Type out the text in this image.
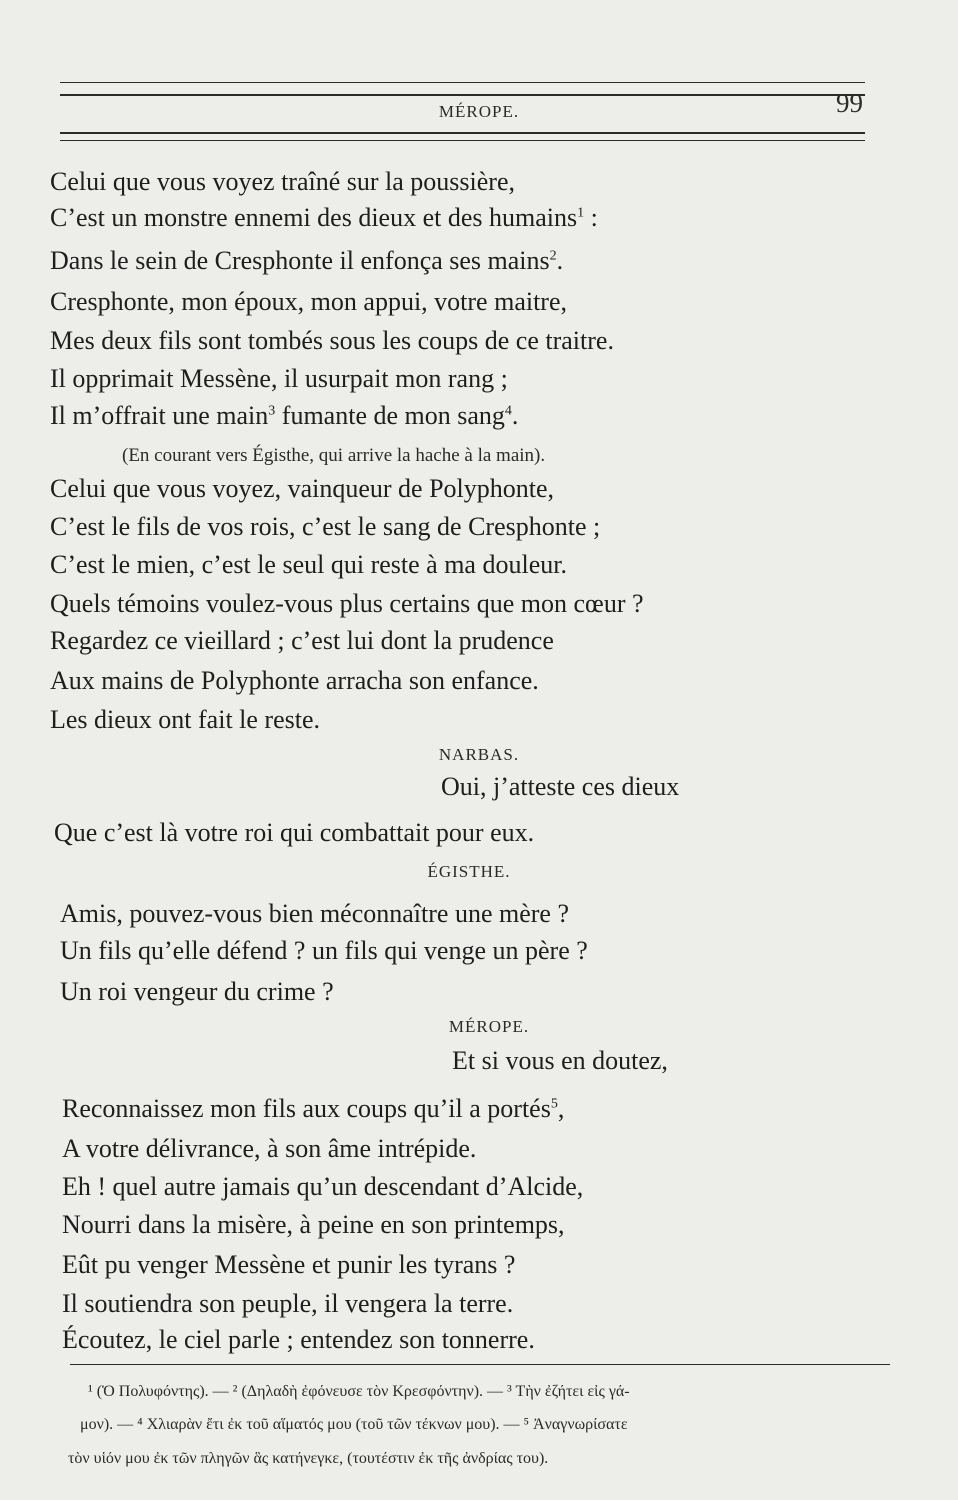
MÉROPE.	99
Celui que vous voyez traîné sur la poussière,
C’est un monstre ennemi des dieux et des humains$^1$ :
Dans le sein de Cresphonte il enfonça ses mains$^2$.
Cresphonte, mon époux, mon appui, votre maitre,
Mes deux fils sont tombés sous les coups de ce traitre.
Il opprimait Messène, il usurpait mon rang ;
Il m’offrait une main$^3$ fumante de mon sang$^4$.
(En courant vers Égisthe, qui arrive la hache à la main).
Celui que vous voyez, vainqueur de Polyphonte,
C’est le fils de vos rois, c’est le sang de Cresphonte ;
C’est le mien, c’est le seul qui reste à ma douleur.
Quels témoins voulez-vous plus certains que mon cœur ?
Regardez ce vieillard ; c’est lui dont la prudence
Aux mains de Polyphonte arracha son enfance.
Les dieux ont fait le reste.
NARBAS.
Oui, j’atteste ces dieux
Que c’est là votre roi qui combattait pour eux.
ÉGISTHE.
Amis, pouvez-vous bien méconnaître une mère ?
Un fils qu’elle défend ? un fils qui venge un père ?
Un roi vengeur du crime ?
MÉROPE.
Et si vous en doutez,
Reconnaissez mon fils aux coups qu’il a portés$^5$,
A votre délivrance, à son âme intrépide.
Eh ! quel autre jamais qu’un descendant d’Alcide,
Nourri dans la misère, à peine en son printemps,
Eût pu venger Messène et punir les tyrans ?
Il soutiendra son peuple, il vengera la terre.
Écoutez, le ciel parle ; entendez son tonnerre.
¹ (Ὁ Πολυφόντης). — ² (Δηλαδὴ ἐφόνευσε τὸν Κρεσφόντην). — ³ Τὴν ἐζήτει εἰς γά-
μον). — ⁴ Χλιαρὰν ἔτι ἐκ τοῦ αἵματός μου (τοῦ τῶν τέκνων μου). — ⁵ Ἀναγνωρίσατε
τὸν υἱόν μου ἐκ τῶν πληγῶν ἃς κατήνεγκε, (τουτέστιν ἐκ τῆς ἀνδρίας του).
